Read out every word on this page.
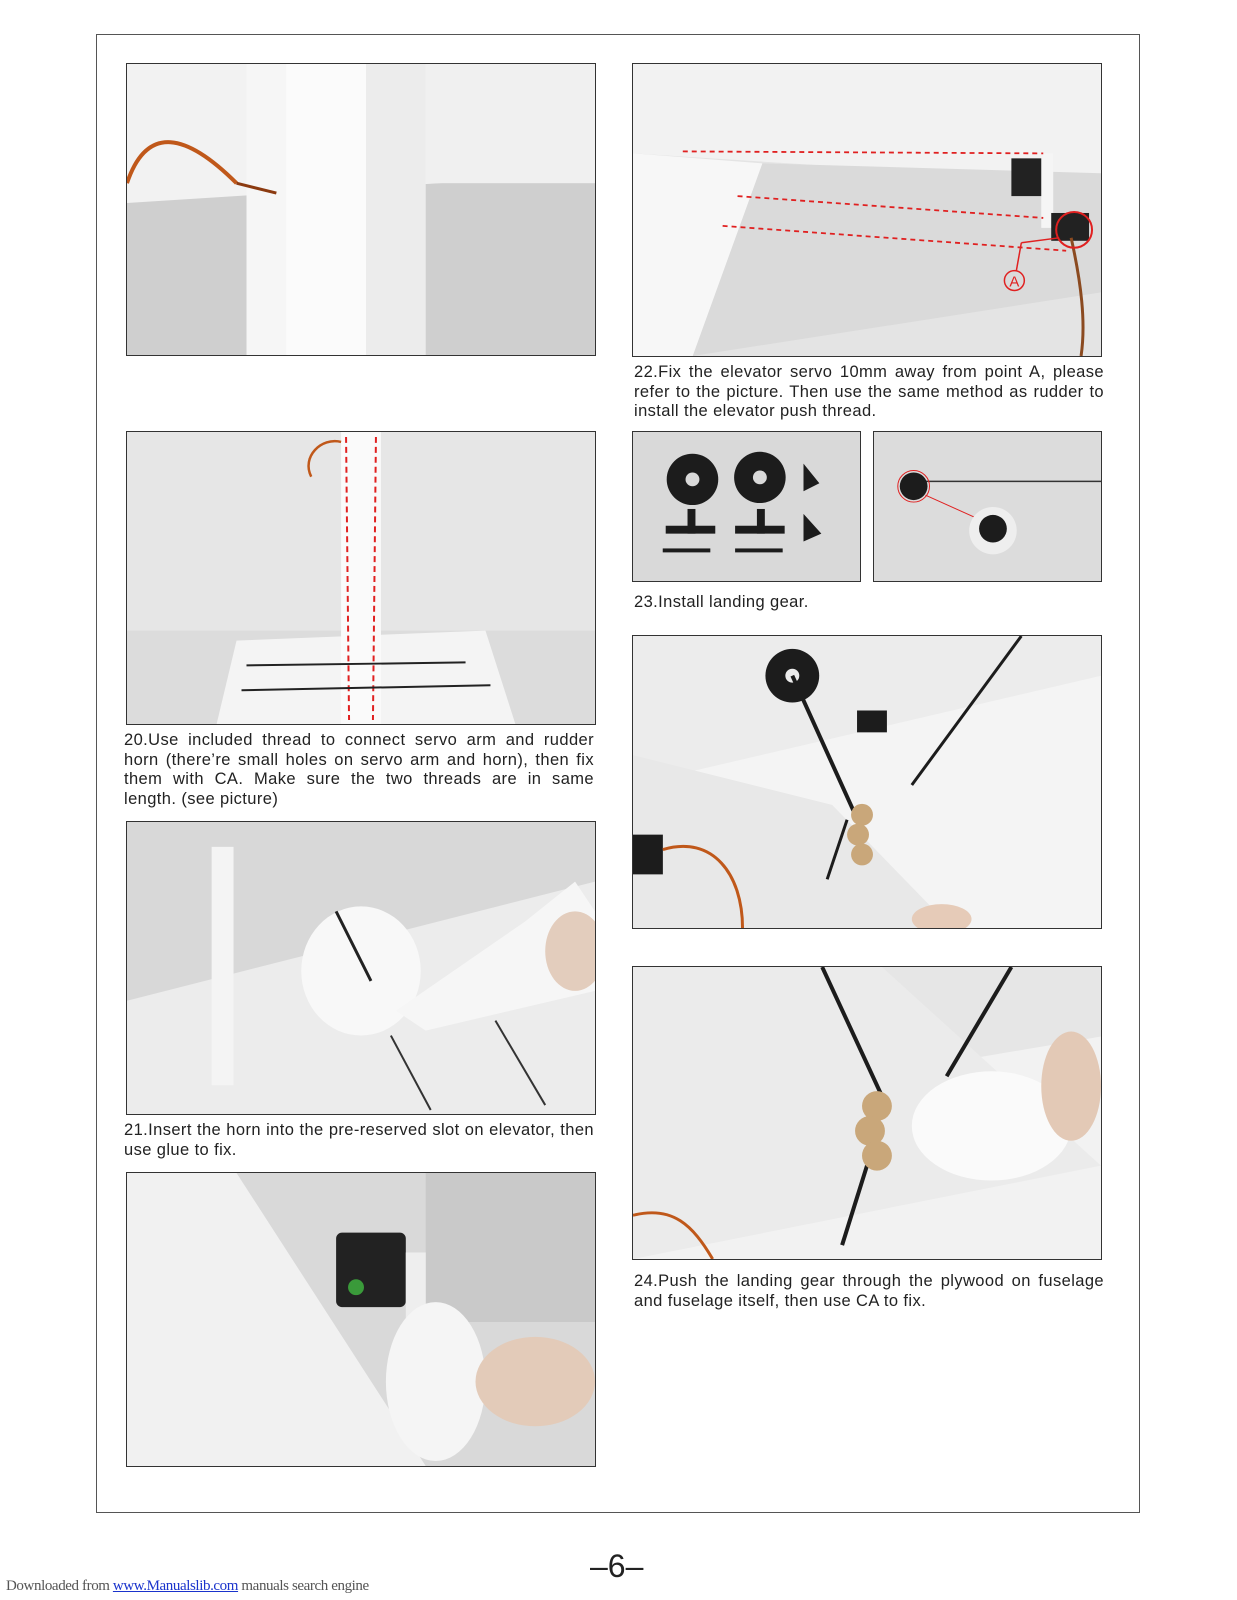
20.Use included thread to connect servo arm and rudder horn (there’re small holes on servo arm and horn), then fix them with CA. Make sure the two threads are in same length. (see picture)

21.Insert the horn into the pre-reserved slot on elevator, then use glue to fix.

A

22.Fix the elevator servo 10mm away from point A, please refer to the picture. Then use the same method as rudder to install the elevator push thread.

23.Install landing gear.

24.Push the landing gear through the plywood on fuselage and fuselage itself, then use CA to fix.

–6–
Downloaded from www.Manualslib.com manuals search engine
